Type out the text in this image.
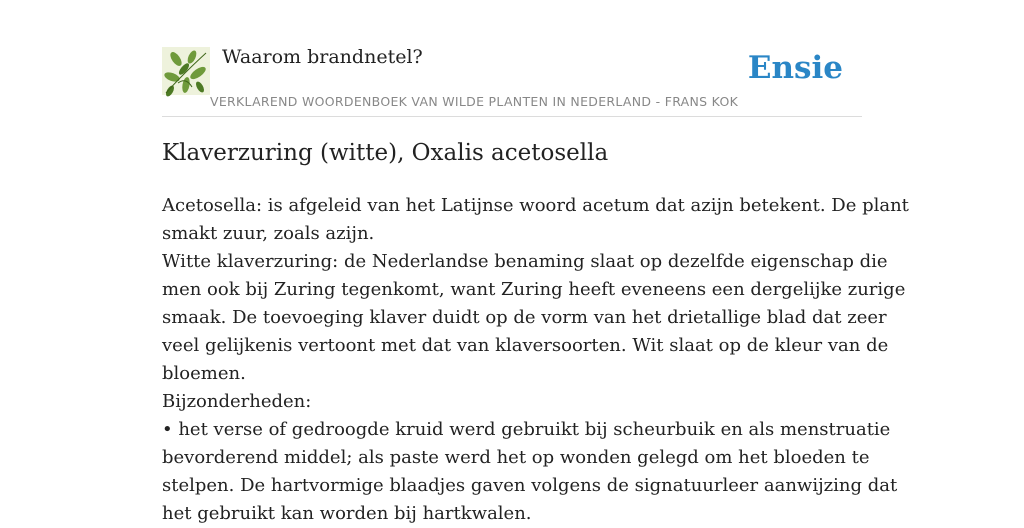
Waarom brandnetel?
VERKLAREND WOORDENBOEK VAN WILDE PLANTEN IN NEDERLAND - FRANS KOK
Ensie
Klaverzuring (witte), Oxalis acetosella

Acetosella: is afgeleid van het Latijnse woord acetum dat azijn betekent. De plant

smakt zuur, zoals azijn.

Witte klaverzuring: de Nederlandse benaming slaat op dezelfde eigenschap die

men ook bij Zuring tegenkomt, want Zuring heeft eveneens een dergelijke zurige

smaak. De toevoeging klaver duidt op de vorm van het drietallige blad dat zeer

veel gelijkenis vertoont met dat van klaversoorten. Wit slaat op de kleur van de

bloemen.

Bijzonderheden:

• het verse of gedroogde kruid werd gebruikt bij scheurbuik en als menstruatie

bevorderend middel; als paste werd het op wonden gelegd om het bloeden te

stelpen. De hartvormige blaadjes gaven volgens de signatuurleer aanwijzing dat

het gebruikt kan worden bij hartkwalen.
